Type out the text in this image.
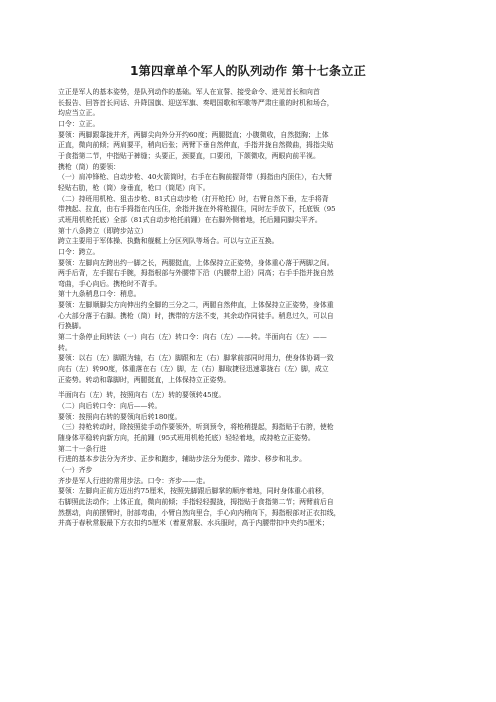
1第四章单个军人的队列动作 第十七条立正

立正是军人的基本姿势，是队列动作的基础。军人在宣誓、接受命令、进见首长和向首

长报告、回答首长问话、升降国旗、迎送军旗、奏唱国歌和军歌等严肃庄重的时机和场合，

均应当立正。

口令：立正。

要领：两脚跟靠拢并齐，两脚尖向外分开约60度；两腿挺直；小腹微收，自然挺胸；上体

正直，微向前倾；两肩要平，稍向后张；两臂下垂自然伸直，手指并拢自然微曲，拇指尖贴

于食指第二节，中指贴于裤缝；头要正，颈要直，口要闭，下颌微收，两眼向前平视。

携枪（筒）的要领：

（一）肩冲锋枪、自动步枪、40火箭筒时，右手在右胸前握背带（拇指由内顶住），右大臂

轻贴右肋，枪（筒）身垂直，枪口（筒尾）向下。

（二）持班用机枪、狙击步枪、81式自动步枪（打开枪托）时，右臂自然下垂，左手将背

带拽起、拉直，由右手拇指在内压住，余指并拢在外将枪握住，同时左手放下，托底钣（95

式班用机枪托底）全部（81式自动步枪托前踵）在右脚外侧着地，托后踵同脚尖平齐。

第十八条跨立（即跨步站立）

跨立主要用于军体操、执勤和舰艇上分区列队等场合。可以与立正互换。

口令：跨立。

要领：左脚向左跨出约一脚之长，两腿挺直，上体保持立正姿势，身体重心落于两脚之间。

两手后背，左手握右手腕，拇指根部与外腰带下沿（内腰带上沿）同高；右手手指并拢自然

弯曲，手心向后。携枪时不背手。

第十九条稍息口令：稍息。

要领：左脚顺脚尖方向伸出约全脚的三分之二，两腿自然伸直，上体保持立正姿势，身体重

心大部分落于右脚。携枪（筒）时，携带的方法不变，其余动作同徒手。稍息过久，可以自

行换脚。

第二十条停止间转法（一）向右（左）转口令：向右（左）——转。半面向右（左）——

转。

要领：以右（左）脚跟为轴，右（左）脚跟和左（右）脚掌前部同时用力，使身体协调一致

向右（左）转90度，体重落在右（左）脚，左（右）脚取捷径迅速靠拢右（左）脚，成立

正姿势。转动和靠脚时，两腿挺直，上体保持立正姿势。

半面向右（左）转，按照向右（左）转的要领转45度。

（二）向后转口令：向后——转。

要领：按照向右转的要领向后转180度。

（三）持枪转动时，除按照徒手动作要领外，听到预令，将枪稍提起，拇指贴于右胯，使枪

随身体平稳转向新方向，托前踵（95式班用机枪托底）轻轻着地，成持枪立正姿势。

第二十一条行进

行进的基本步法分为齐步、正步和跑步，辅助步法分为便步、踏步、移步和礼步。

（一）齐步

齐步是军人行进的常用步法。口令：齐步——走。

要领：左脚向正前方迈出约75厘米，按照先脚跟后脚掌的顺序着地，同时身体重心前移，

右脚照此法动作；上体正直，微向前倾；手指轻轻握拢，拇指贴于食指第二节；两臂前后自

然摆动，向前摆臂时，肘部弯曲，小臂自然向里合，手心向内稍向下，拇指根部对正衣扣线，

并高于春秋常服最下方衣扣约5厘米（着夏常服、水兵服时，高于内腰带扣中央约5厘米；
